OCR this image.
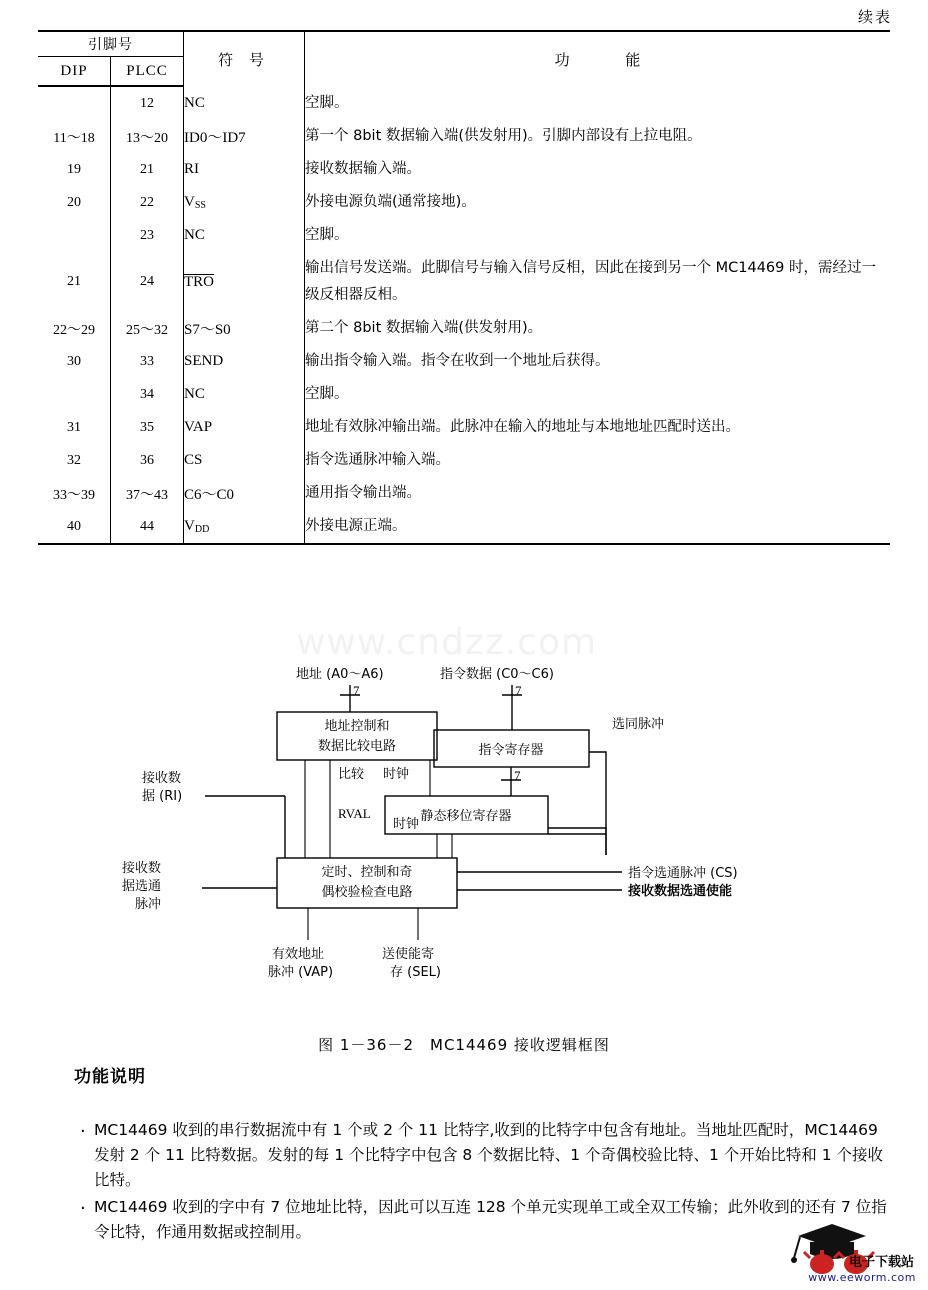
续表
引脚号		符 号	功 能
DIP	PLCC		
	12	NC	空脚。
11～18	13～20	ID0～ID7	第一个 8bit 数据输入端(供发射用)。引脚内部设有上拉电阻。
19	21	RI	接收数据输入端。
20	22	$V_{SS}$	外接电源负端(通常接地)。
	23	NC	空脚。
21	24	TRO	输出信号发送端。此脚信号与输入信号反相，因此在接到另一个 MC14469 时，需经过一级反相器反相。
22～29	25～32	S7～S0	第二个 8bit 数据输入端(供发射用)。
30	33	SEND	输出指令输入端。指令在收到一个地址后获得。
	34	NC	空脚。
31	35	VAP	地址有效脉冲输出端。此脉冲在输入的地址与本地地址匹配时送出。
32	36	CS	指令选通脉冲输入端。
33～39	37～43	C6～C0	通用指令输出端。
40	44	$V_{DD}$	外接电源正端。
www.cndzz.com
地址 (A0～A6)	指令数据 (C0～C6)
7	7
地址控制和
数据比较电路	指令寄存器
选同脉冲
7
静态移位寄存器
接收数
据 (RI)
比较 时钟
RVAL
时钟
定时、控制和奇
偶校验检查电路
接收数
据选通
脉冲
有效地址
脉冲 (VAP)
送使能寄
存 (SEL)
指令选通脉冲 (CS)
接收数据选通使能
图 1－36－2　MC14469 接收逻辑框图
功能说明
· MC14469 收到的串行数据流中有 1 个或 2 个 11 比特字,收到的比特字中包含有地址。当地址匹配时，MC14469 发射 2 个 11 比特数据。发射的每 1 个比特字中包含 8 个数据比特、1 个奇偶校验比特、1 个开始比特和 1 个接收比特。
· MC14469 收到的字中有 7 位地址比特，因此可以互连 128 个单元实现单工或全双工传输；此外收到的还有 7 位指令比特，作通用数据或控制用。
电子下载站
www.eeworm.com
